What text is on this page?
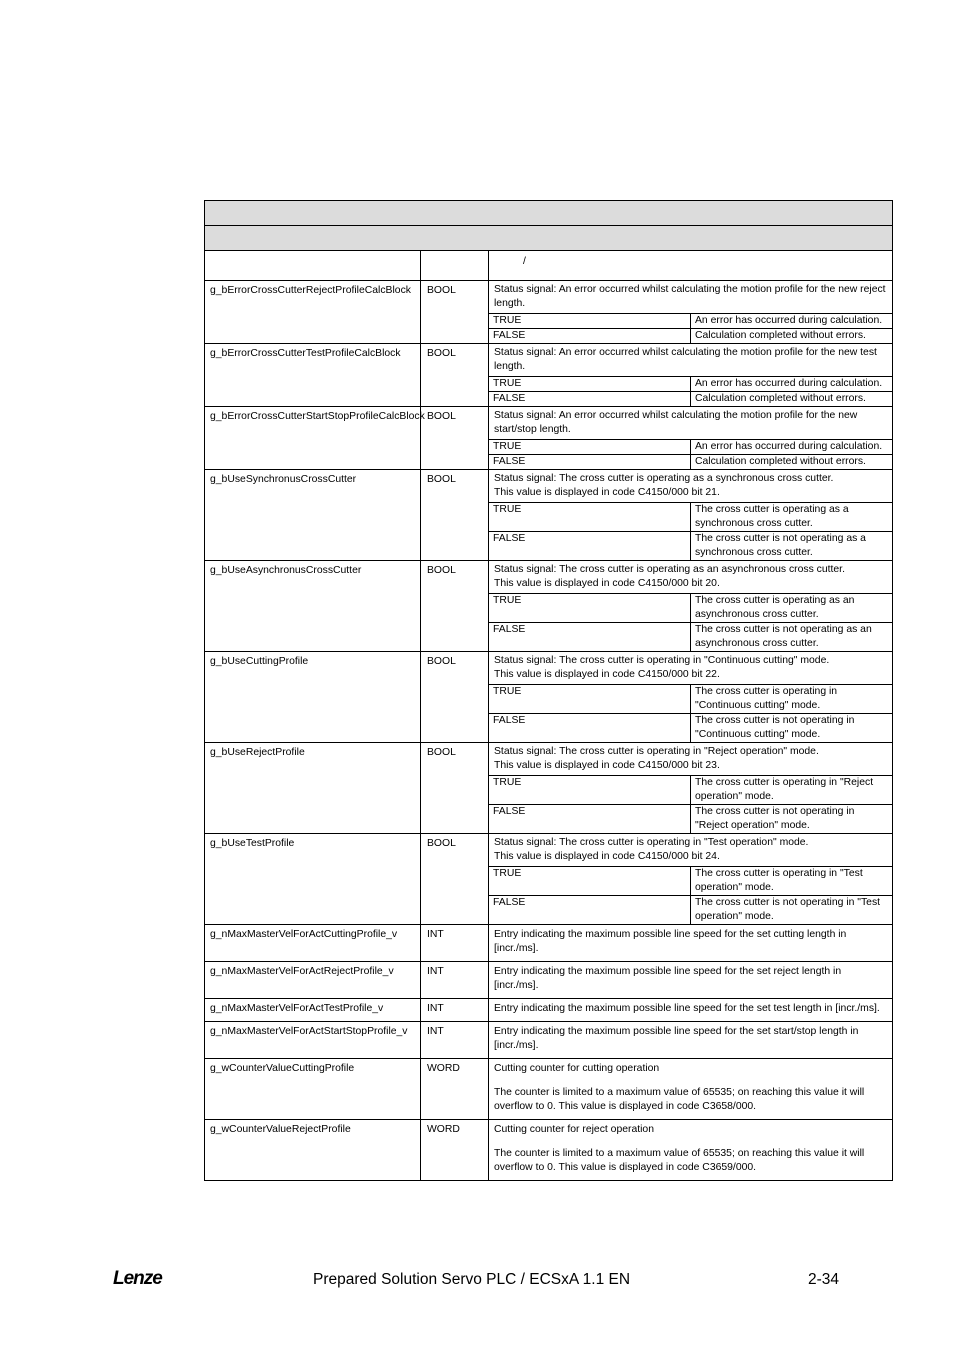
		/
g_bErrorCrossCutterRejectProfileCalcBlock	BOOL		Status signal: An error occurred whilst calculating the motion profile for the new reject length.

TRUE	An error has occurred during calculation.
FALSE	Calculation completed without errors.

g_bErrorCrossCutterTestProfileCalcBlock	BOOL		Status signal: An error occurred whilst calculating the motion profile for the new test length.

TRUE	An error has occurred during calculation.
FALSE	Calculation completed without errors.

g_bErrorCrossCutterStartStopProfileCalcBlock	BOOL		Status signal: An error occurred whilst calculating the motion profile for the new start/stop length.

TRUE	An error has occurred during calculation.
FALSE	Calculation completed without errors.

g_bUseSynchronusCrossCutter	BOOL		Status signal: The cross cutter is operating as a synchronous cross cutter.
This value is displayed in code C4150/000 bit 21.

TRUE	The cross cutter is operating as a synchronous cross cutter.
FALSE	The cross cutter is not operating as a synchronous cross cutter.

g_bUseAsynchronusCrossCutter	BOOL		Status signal: The cross cutter is operating as an asynchronous cross cutter.
This value is displayed in code C4150/000 bit 20.

TRUE	The cross cutter is operating as an asynchronous cross cutter.
FALSE	The cross cutter is not operating as an asynchronous cross cutter.

g_bUseCuttingProfile	BOOL		Status signal: The cross cutter is operating in "Continuous cutting" mode.
This value is displayed in code C4150/000 bit 22.

TRUE	The cross cutter is operating in "Continuous cutting" mode.
FALSE	The cross cutter is not operating in "Continuous cutting" mode.

g_bUseRejectProfile	BOOL		Status signal: The cross cutter is operating in "Reject operation" mode.
This value is displayed in code C4150/000 bit 23.

TRUE	The cross cutter is operating in "Reject operation" mode.
FALSE	The cross cutter is not operating in "Reject operation" mode.

g_bUseTestProfile	BOOL		Status signal: The cross cutter is operating in "Test operation" mode.
This value is displayed in code C4150/000 bit 24.

TRUE	The cross cutter is operating in "Test operation" mode.
FALSE	The cross cutter is not operating in "Test operation" mode.

g_nMaxMasterVelForActCuttingProfile_v	INT	Entry indicating the maximum possible line speed for the set cutting length in [incr./ms].

g_nMaxMasterVelForActRejectProfile_v	INT	Entry indicating the maximum possible line speed for the set reject length in [incr./ms].

g_nMaxMasterVelForActTestProfile_v	INT	Entry indicating the maximum possible line speed for the set test length in [incr./ms].

g_nMaxMasterVelForActStartStopProfile_v	INT	Entry indicating the maximum possible line speed for the set start/stop length in [incr./ms].

g_wCounterValueCuttingProfile	WORD	Cutting counter for cutting operation
The counter is limited to a maximum value of 65535; on reaching this value it will overflow to 0. This value is displayed in code C3658/000.

g_wCounterValueRejectProfile	WORD	Cutting counter for reject operation
The counter is limited to a maximum value of 65535; on reaching this value it will overflow to 0. This value is displayed in code C3659/000.
Lenze	Prepared Solution Servo PLC / ECSxA 1.1 EN	2-34
